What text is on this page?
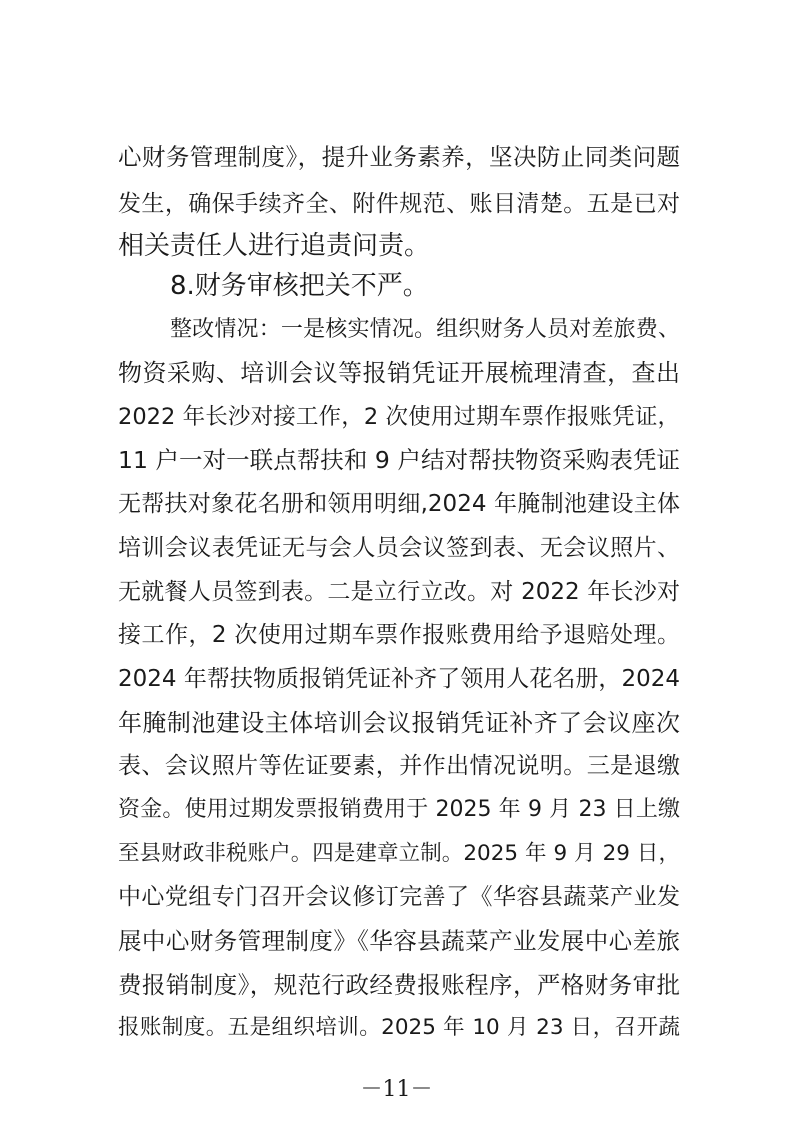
心财务管理制度》，提升业务素养，坚决防止同类问题
发生，确保手续齐全、附件规范、账目清楚。五是已对
相关责任人进行追责问责。
8.财务审核把关不严。
整改情况：一是核实情况。组织财务人员对差旅费、
物资采购、培训会议等报销凭证开展梳理清查，查出
2022 年长沙对接工作，2 次使用过期车票作报账凭证，
11 户一对一联点帮扶和 9 户结对帮扶物资采购表凭证
无帮扶对象花名册和领用明细,2024 年腌制池建设主体
培训会议表凭证无与会人员会议签到表、无会议照片、
无就餐人员签到表。二是立行立改。对 2022 年长沙对
接工作，2 次使用过期车票作报账费用给予退赔处理。
2024 年帮扶物质报销凭证补齐了领用人花名册，2024
年腌制池建设主体培训会议报销凭证补齐了会议座次
表、会议照片等佐证要素，并作出情况说明。三是退缴
资金。使用过期发票报销费用于 2025 年 9 月 23 日上缴
至县财政非税账户。四是建章立制。2025 年 9 月 29 日，
中心党组专门召开会议修订完善了《华容县蔬菜产业发
展中心财务管理制度》《华容县蔬菜产业发展中心差旅
费报销制度》，规范行政经费报账程序，严格财务审批
报账制度。五是组织培训。2025 年 10 月 23 日，召开蔬
－11－
